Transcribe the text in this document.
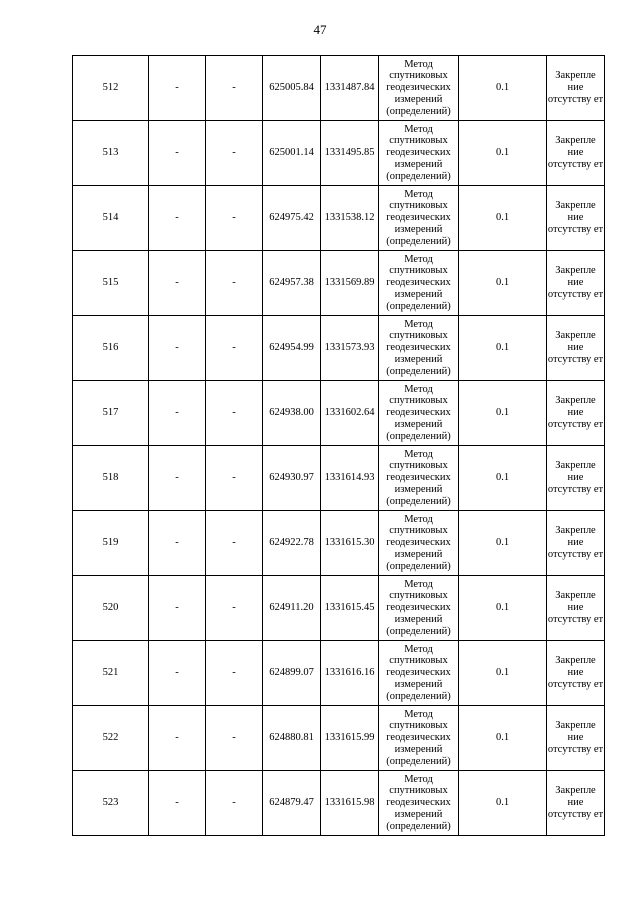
47
512	-	-	625005.84	1331487.84	Метод спутниковых геодезических измерений (определений)	0.1	Закрепле ние отсутству ет
513	-	-	625001.14	1331495.85	Метод спутниковых геодезических измерений (определений)	0.1	Закрепле ние отсутству ет
514	-	-	624975.42	1331538.12	Метод спутниковых геодезических измерений (определений)	0.1	Закрепле ние отсутству ет
515	-	-	624957.38	1331569.89	Метод спутниковых геодезических измерений (определений)	0.1	Закрепле ние отсутству ет
516	-	-	624954.99	1331573.93	Метод спутниковых геодезических измерений (определений)	0.1	Закрепле ние отсутству ет
517	-	-	624938.00	1331602.64	Метод спутниковых геодезических измерений (определений)	0.1	Закрепле ние отсутству ет
518	-	-	624930.97	1331614.93	Метод спутниковых геодезических измерений (определений)	0.1	Закрепле ние отсутству ет
519	-	-	624922.78	1331615.30	Метод спутниковых геодезических измерений (определений)	0.1	Закрепле ние отсутству ет
520	-	-	624911.20	1331615.45	Метод спутниковых геодезических измерений (определений)	0.1	Закрепле ние отсутству ет
521	-	-	624899.07	1331616.16	Метод спутниковых геодезических измерений (определений)	0.1	Закрепле ние отсутству ет
522	-	-	624880.81	1331615.99	Метод спутниковых геодезических измерений (определений)	0.1	Закрепле ние отсутству ет
523	-	-	624879.47	1331615.98	Метод спутниковых геодезических измерений (определений)	0.1	Закрепле ние отсутству ет
